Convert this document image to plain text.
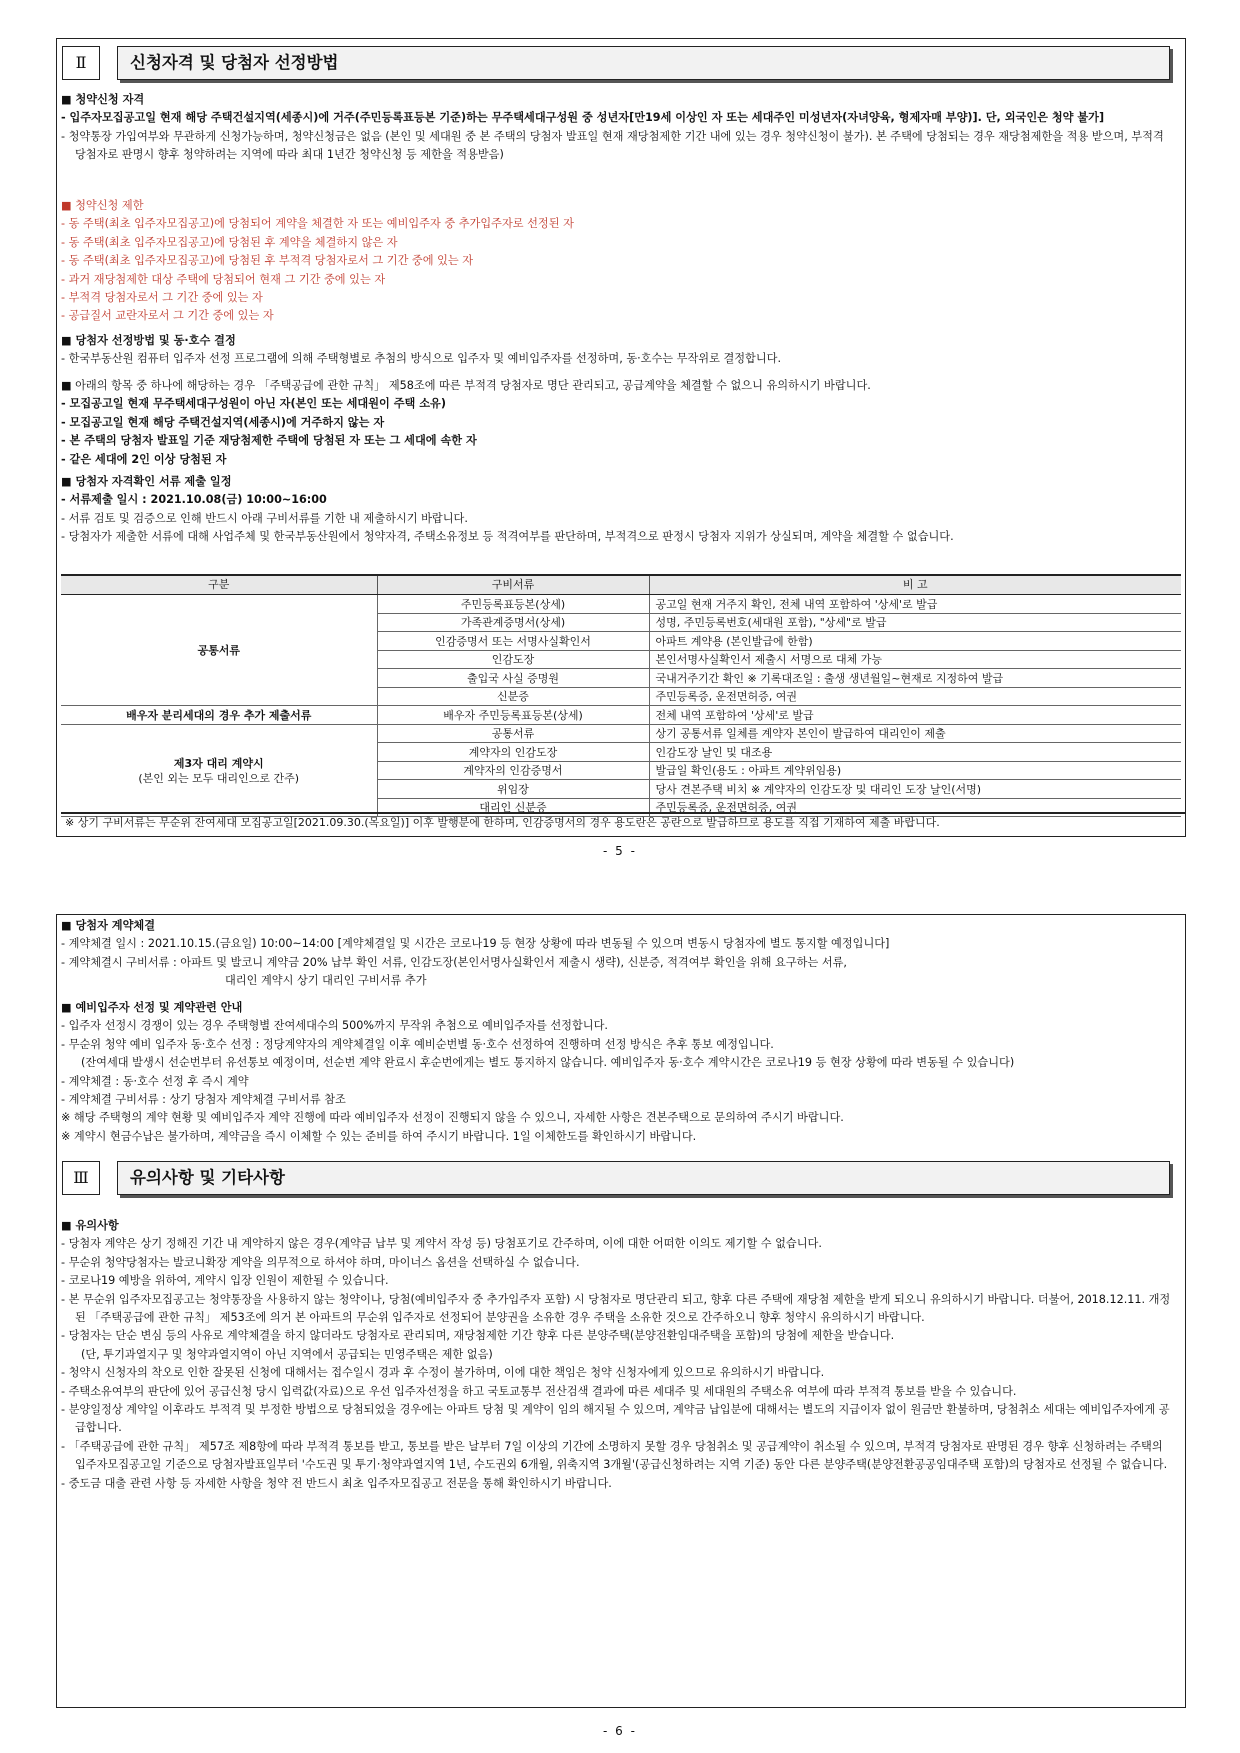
Ⅱ	신청자격 및 당첨자 선정방법
■ 청약신청 자격
- 입주자모집공고일 현재 해당 주택건설지역(세종시)에 거주(주민등록표등본 기준)하는 무주택세대구성원 중 성년자[만19세 이상인 자 또는 세대주인 미성년자(자녀양육, 형제자매 부양)]. 단, 외국인은 청약 불가]
- 청약통장 가입여부와 무관하게 신청가능하며, 청약신청금은 없음 (본인 및 세대원 중 본 주택의 당첨자 발표일 현재 재당첨제한 기간 내에 있는 경우 청약신청이 불가). 본 주택에 당첨되는 경우 재당첨제한을 적용 받으며, 부적격 당첨자로 판명시 향후 청약하려는 지역에 따라 최대 1년간 청약신청 등 제한을 적용받음)
■ 청약신청 제한
- 동 주택(최초 입주자모집공고)에 당첨되어 계약을 체결한 자 또는 예비입주자 중 추가입주자로 선정된 자
- 동 주택(최초 입주자모집공고)에 당첨된 후 계약을 체결하지 않은 자
- 동 주택(최초 입주자모집공고)에 당첨된 후 부적격 당첨자로서 그 기간 중에 있는 자
- 과거 재당첨제한 대상 주택에 당첨되어 현재 그 기간 중에 있는 자
- 부적격 당첨자로서 그 기간 중에 있는 자
- 공급질서 교란자로서 그 기간 중에 있는 자
■ 당첨자 선정방법 및 동·호수 결정
- 한국부동산원 컴퓨터 입주자 선정 프로그램에 의해 주택형별로 추첨의 방식으로 입주자 및 예비입주자를 선정하며, 동·호수는 무작위로 결정합니다.
■ 아래의 항목 중 하나에 해당하는 경우 「주택공급에 관한 규칙」 제58조에 따른 부적격 당첨자로 명단 관리되고, 공급계약을 체결할 수 없으니 유의하시기 바랍니다.
- 모집공고일 현재 무주택세대구성원이 아닌 자(본인 또는 세대원이 주택 소유)
- 모집공고일 현재 해당 주택건설지역(세종시)에 거주하지 않는 자
- 본 주택의 당첨자 발표일 기준 재당첨제한 주택에 당첨된 자 또는 그 세대에 속한 자
- 같은 세대에 2인 이상 당첨된 자
■ 당첨자 자격확인 서류 제출 일정
- 서류제출 일시 : 2021.10.08(금) 10:00~16:00
- 서류 검토 및 검증으로 인해 반드시 아래 구비서류를 기한 내 제출하시기 바랍니다.
- 당첨자가 제출한 서류에 대해 사업주체 및 한국부동산원에서 청약자격, 주택소유정보 등 적격여부를 판단하며, 부적격으로 판정시 당첨자 지위가 상실되며, 계약을 체결할 수 없습니다.
구분	구비서류	비 고
공통서류	주민등록표등본(상세)	공고일 현재 거주지 확인, 전체 내역 포함하여 '상세'로 발급
	가족관계증명서(상세)	성명, 주민등록번호(세대원 포함), "상세"로 발급
	인감증명서 또는 서명사실확인서	아파트 계약용 (본인발급에 한함)
	인감도장	본인서명사실확인서 제출시 서명으로 대체 가능
	출입국 사실 증명원	국내거주기간 확인 ※ 기록대조일 : 출생 생년월일~현재로 지정하여 발급
	신분증	주민등록증, 운전면허증, 여권
배우자 분리세대의 경우 추가 제출서류	배우자 주민등록표등본(상세)	전체 내역 포함하여 '상세'로 발급

제3자 대리 계약시
(본인 외는 모두 대리인으로 간주)	공통서류	상기 공통서류 일체를 계약자 본인이 발급하여 대리인이 제출
	계약자의 인감도장	인감도장 날인 및 대조용
	계약자의 인감증명서	발급일 확인(용도 : 아파트 계약위임용)
	위임장	당사 견본주택 비치 ※ 계약자의 인감도장 및 대리인 도장 날인(서명)
	대리인 신분증	주민등록증, 운전면허증, 여권
※ 상기 구비서류는 무순위 잔여세대 모집공고일[2021.09.30.(목요일)] 이후 발행분에 한하며, 인감증명서의 경우 용도란은 공란으로 발급하므로 용도를 직접 기재하여 제출 바랍니다.
- 5 -
■ 당첨자 계약체결
- 계약체결 일시 : 2021.10.15.(금요일) 10:00~14:00 [계약체결일 및 시간은 코로나19 등 현장 상황에 따라 변동될 수 있으며 변동시 당첨자에 별도 통지할 예정입니다]
- 계약체결시 구비서류 : 아파트 및 발코니 계약금 20% 납부 확인 서류, 인감도장(본인서명사실확인서 제출시 생략), 신분증, 적격여부 확인을 위해 요구하는 서류,
대리인 계약시 상기 대리인 구비서류 추가
■ 예비입주자 선정 및 계약관련 안내
- 입주자 선정시 경쟁이 있는 경우 주택형별 잔여세대수의 500%까지 무작위 추첨으로 예비입주자를 선정합니다.
- 무순위 청약 예비 입주자 동·호수 선정 : 정당계약자의 계약체결일 이후 예비순번별 동·호수 선정하여 진행하며 선정 방식은 추후 통보 예정입니다.
(잔여세대 발생시 선순번부터 유선통보 예정이며, 선순번 계약 완료시 후순번에게는 별도 통지하지 않습니다. 예비입주자 동·호수 계약시간은 코로나19 등 현장 상황에 따라 변동될 수 있습니다)
- 계약체결 : 동·호수 선정 후 즉시 계약
- 계약체결 구비서류 : 상기 당첨자 계약체결 구비서류 참조
※ 해당 주택형의 계약 현황 및 예비입주자 계약 진행에 따라 예비입주자 선정이 진행되지 않을 수 있으니, 자세한 사항은 견본주택으로 문의하여 주시기 바랍니다.
※ 계약시 현금수납은 불가하며, 계약금을 즉시 이체할 수 있는 준비를 하여 주시기 바랍니다. 1일 이체한도를 확인하시기 바랍니다.
Ⅲ	유의사항 및 기타사항
■ 유의사항
- 당첨자 계약은 상기 정해진 기간 내 계약하지 않은 경우(계약금 납부 및 계약서 작성 등) 당첨포기로 간주하며, 이에 대한 어떠한 이의도 제기할 수 없습니다.
- 무순위 청약당첨자는 발코니확장 계약을 의무적으로 하셔야 하며, 마이너스 옵션을 선택하실 수 없습니다.
- 코로나19 예방을 위하여, 계약시 입장 인원이 제한될 수 있습니다.
- 본 무순위 입주자모집공고는 청약통장을 사용하지 않는 청약이나, 당첨(예비입주자 중 추가입주자 포함) 시 당첨자로 명단관리 되고, 향후 다른 주택에 재당첨 제한을 받게 되오니 유의하시기 바랍니다. 더불어, 2018.12.11. 개정된 「주택공급에 관한 규칙」 제53조에 의거 본 아파트의 무순위 입주자로 선정되어 분양권을 소유한 경우 주택을 소유한 것으로 간주하오니 향후 청약시 유의하시기 바랍니다.
- 당첨자는 단순 변심 등의 사유로 계약체결을 하지 않더라도 당첨자로 관리되며, 재당첨제한 기간 향후 다른 분양주택(분양전환임대주택을 포함)의 당첨에 제한을 받습니다.
(단, 투기과열지구 및 청약과열지역이 아닌 지역에서 공급되는 민영주택은 제한 없음)
- 청약시 신청자의 착오로 인한 잘못된 신청에 대해서는 접수일시 경과 후 수정이 불가하며, 이에 대한 책임은 청약 신청자에게 있으므로 유의하시기 바랍니다.
- 주택소유여부의 판단에 있어 공급신청 당시 입력값(자료)으로 우선 입주자선정을 하고 국토교통부 전산검색 결과에 따른 세대주 및 세대원의 주택소유 여부에 따라 부적격 통보를 받을 수 있습니다.
- 분양일정상 계약일 이후라도 부적격 및 부정한 방법으로 당첨되었을 경우에는 아파트 당첨 및 계약이 임의 해지될 수 있으며, 계약금 납입분에 대해서는 별도의 지급이자 없이 원금만 환불하며, 당첨취소 세대는 예비입주자에게 공급합니다.
- 「주택공급에 관한 규칙」 제57조 제8항에 따라 부적격 통보를 받고, 통보를 받은 날부터 7일 이상의 기간에 소명하지 못할 경우 당첨취소 및 공급계약이 취소될 수 있으며, 부적격 당첨자로 판명된 경우 향후 신청하려는 주택의 입주자모집공고일 기준으로 당첨자발표일부터 '수도권 및 투기·청약과열지역 1년, 수도권외 6개월, 위축지역 3개월'(공급신청하려는 지역 기준) 동안 다른 분양주택(분양전환공공임대주택 포함)의 당첨자로 선정될 수 없습니다.
- 중도금 대출 관련 사항 등 자세한 사항을 청약 전 반드시 최초 입주자모집공고 전문을 통해 확인하시기 바랍니다.
- 6 -
